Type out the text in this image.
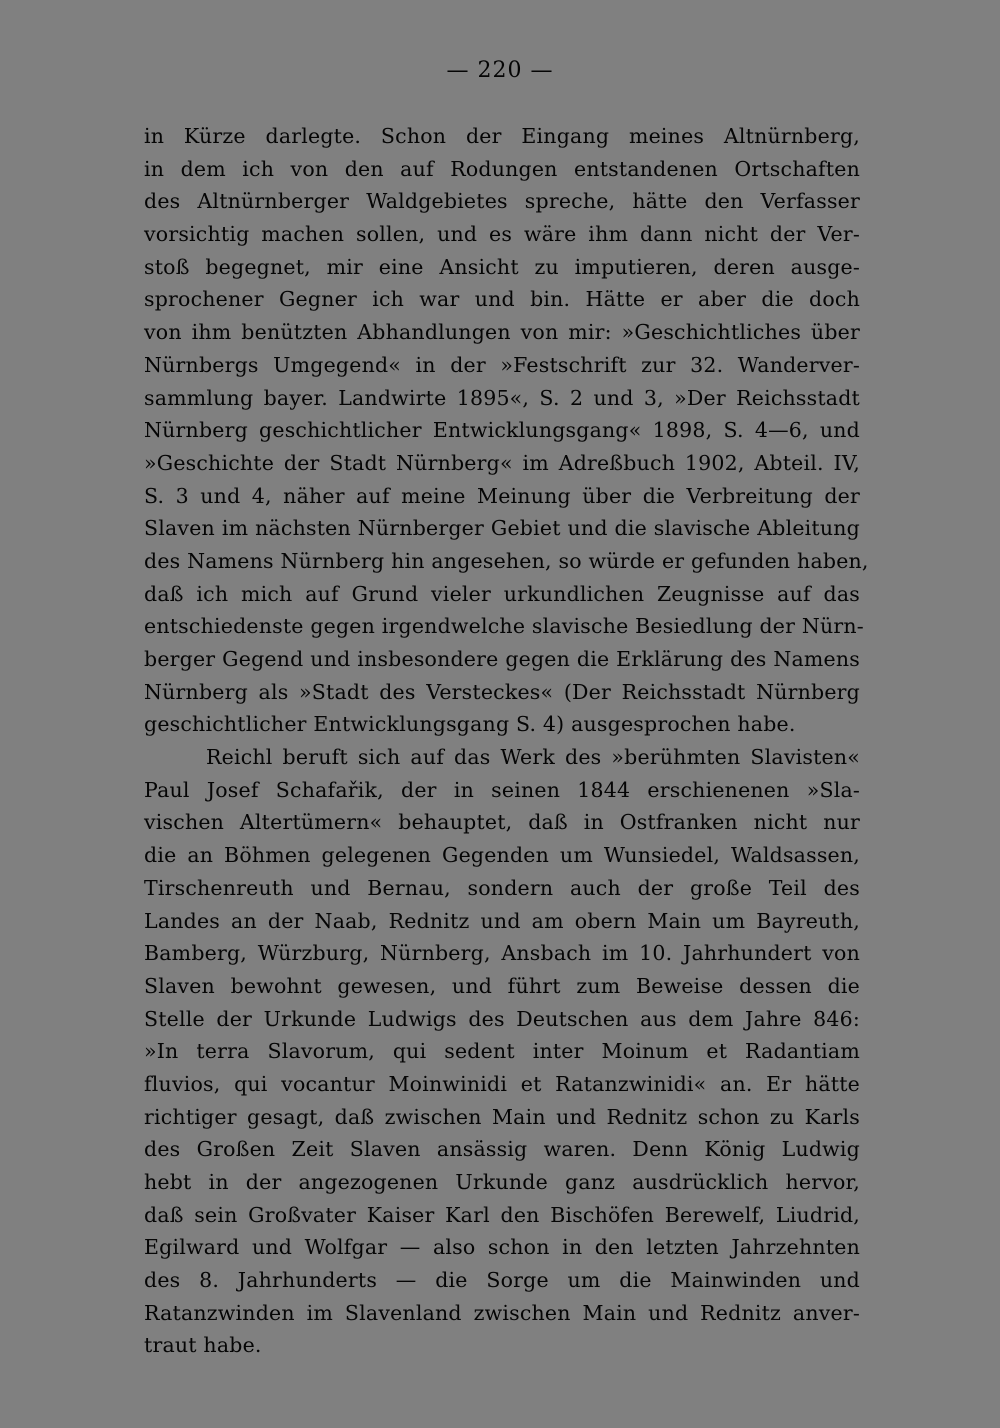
— 220 —
in Kürze darlegte. Schon der Eingang meines Altnürnberg,
in dem ich von den auf Rodungen entstandenen Ortschaften
des Altnürnberger Waldgebietes spreche, hätte den Verfasser
vorsichtig machen sollen, und es wäre ihm dann nicht der Ver-
stoß begegnet, mir eine Ansicht zu imputieren, deren ausge-
sprochener Gegner ich war und bin. Hätte er aber die doch
von ihm benützten Abhandlungen von mir: »Geschichtliches über
Nürnbergs Umgegend« in der »Festschrift zur 32. Wanderver-
sammlung bayer. Landwirte 1895«, S. 2 und 3, »Der Reichsstadt
Nürnberg geschichtlicher Entwicklungsgang« 1898, S. 4—6, und
»Geschichte der Stadt Nürnberg« im Adreßbuch 1902, Abteil. IV,
S. 3 und 4, näher auf meine Meinung über die Verbreitung der
Slaven im nächsten Nürnberger Gebiet und die slavische Ableitung
des Namens Nürnberg hin angesehen, so würde er gefunden haben,
daß ich mich auf Grund vieler urkundlichen Zeugnisse auf das
entschiedenste gegen irgendwelche slavische Besiedlung der Nürn-
berger Gegend und insbesondere gegen die Erklärung des Namens
Nürnberg als »Stadt des Versteckes« (Der Reichsstadt Nürnberg
geschichtlicher Entwicklungsgang S. 4) ausgesprochen habe.
Reichl beruft sich auf das Werk des »berühmten Slavisten«
Paul Josef Schafařik, der in seinen 1844 erschienenen »Sla-
vischen Altertümern« behauptet, daß in Ostfranken nicht nur
die an Böhmen gelegenen Gegenden um Wunsiedel, Waldsassen,
Tirschenreuth und Bernau, sondern auch der große Teil des
Landes an der Naab, Rednitz und am obern Main um Bayreuth,
Bamberg, Würzburg, Nürnberg, Ansbach im 10. Jahrhundert von
Slaven bewohnt gewesen, und führt zum Beweise dessen die
Stelle der Urkunde Ludwigs des Deutschen aus dem Jahre 846:
»In terra Slavorum, qui sedent inter Moinum et Radantiam
fluvios, qui vocantur Moinwinidi et Ratanzwinidi« an. Er hätte
richtiger gesagt, daß zwischen Main und Rednitz schon zu Karls
des Großen Zeit Slaven ansässig waren. Denn König Ludwig
hebt in der angezogenen Urkunde ganz ausdrücklich hervor,
daß sein Großvater Kaiser Karl den Bischöfen Berewelf, Liudrid,
Egilward und Wolfgar — also schon in den letzten Jahrzehnten
des 8. Jahrhunderts — die Sorge um die Mainwinden und
Ratanzwinden im Slavenland zwischen Main und Rednitz anver-
traut habe.
